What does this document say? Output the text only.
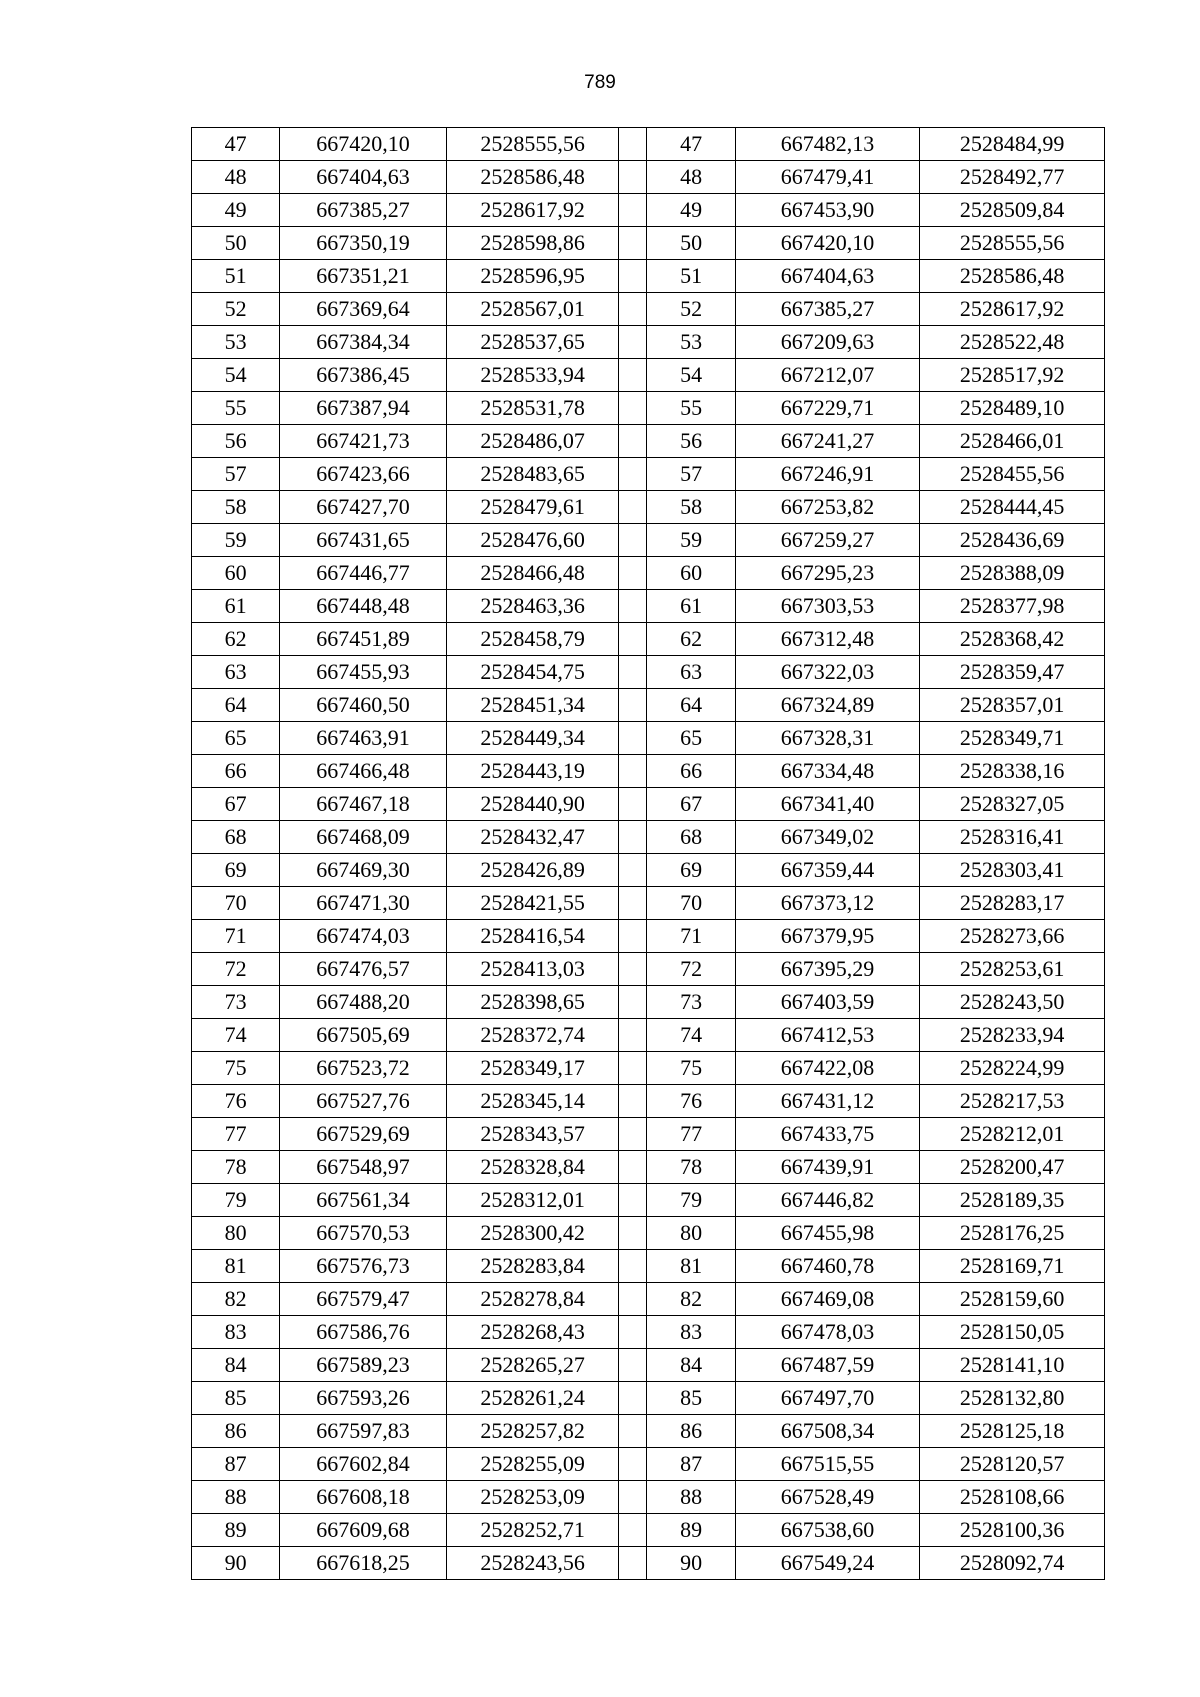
789
47	667420,10	2528555,56		47	667482,13	2528484,99
48	667404,63	2528586,48		48	667479,41	2528492,77
49	667385,27	2528617,92		49	667453,90	2528509,84
50	667350,19	2528598,86		50	667420,10	2528555,56
51	667351,21	2528596,95		51	667404,63	2528586,48
52	667369,64	2528567,01		52	667385,27	2528617,92
53	667384,34	2528537,65		53	667209,63	2528522,48
54	667386,45	2528533,94		54	667212,07	2528517,92
55	667387,94	2528531,78		55	667229,71	2528489,10
56	667421,73	2528486,07		56	667241,27	2528466,01
57	667423,66	2528483,65		57	667246,91	2528455,56
58	667427,70	2528479,61		58	667253,82	2528444,45
59	667431,65	2528476,60		59	667259,27	2528436,69
60	667446,77	2528466,48		60	667295,23	2528388,09
61	667448,48	2528463,36		61	667303,53	2528377,98
62	667451,89	2528458,79		62	667312,48	2528368,42
63	667455,93	2528454,75		63	667322,03	2528359,47
64	667460,50	2528451,34		64	667324,89	2528357,01
65	667463,91	2528449,34		65	667328,31	2528349,71
66	667466,48	2528443,19		66	667334,48	2528338,16
67	667467,18	2528440,90		67	667341,40	2528327,05
68	667468,09	2528432,47		68	667349,02	2528316,41
69	667469,30	2528426,89		69	667359,44	2528303,41
70	667471,30	2528421,55		70	667373,12	2528283,17
71	667474,03	2528416,54		71	667379,95	2528273,66
72	667476,57	2528413,03		72	667395,29	2528253,61
73	667488,20	2528398,65		73	667403,59	2528243,50
74	667505,69	2528372,74		74	667412,53	2528233,94
75	667523,72	2528349,17		75	667422,08	2528224,99
76	667527,76	2528345,14		76	667431,12	2528217,53
77	667529,69	2528343,57		77	667433,75	2528212,01
78	667548,97	2528328,84		78	667439,91	2528200,47
79	667561,34	2528312,01		79	667446,82	2528189,35
80	667570,53	2528300,42		80	667455,98	2528176,25
81	667576,73	2528283,84		81	667460,78	2528169,71
82	667579,47	2528278,84		82	667469,08	2528159,60
83	667586,76	2528268,43		83	667478,03	2528150,05
84	667589,23	2528265,27		84	667487,59	2528141,10
85	667593,26	2528261,24		85	667497,70	2528132,80
86	667597,83	2528257,82		86	667508,34	2528125,18
87	667602,84	2528255,09		87	667515,55	2528120,57
88	667608,18	2528253,09		88	667528,49	2528108,66
89	667609,68	2528252,71		89	667538,60	2528100,36
90	667618,25	2528243,56		90	667549,24	2528092,74
